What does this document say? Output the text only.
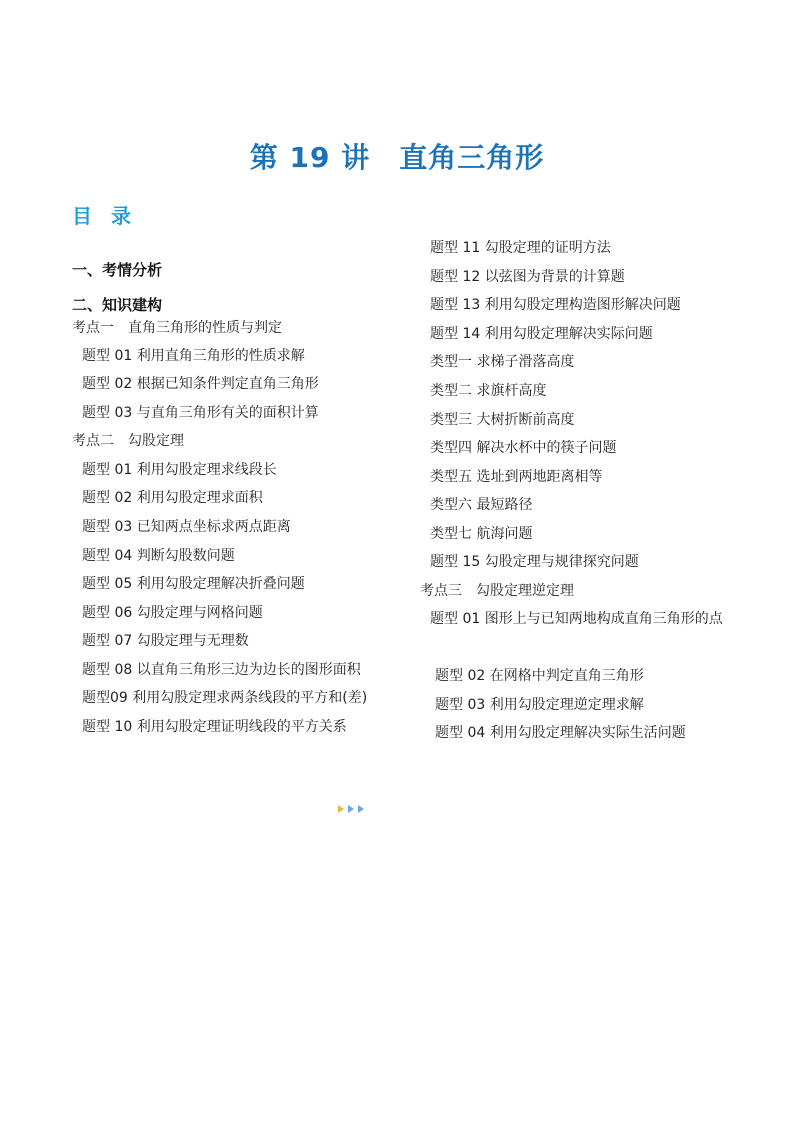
第 19 讲　直角三角形
目 录
一、考情分析
二、知识建构
考点一　直角三角形的性质与判定
题型 01 利用直角三角形的性质求解
题型 02 根据已知条件判定直角三角形
题型 03 与直角三角形有关的面积计算
考点二　勾股定理
题型 01 利用勾股定理求线段长
题型 02 利用勾股定理求面积
题型 03 已知两点坐标求两点距离
题型 04 判断勾股数问题
题型 05 利用勾股定理解决折叠问题
题型 06 勾股定理与网格问题
题型 07 勾股定理与无理数
题型 08 以直角三角形三边为边长的图形面积
题型09 利用勾股定理求两条线段的平方和(差)
题型 10 利用勾股定理证明线段的平方关系
题型 11 勾股定理的证明方法
题型 12 以弦图为背景的计算题
题型 13 利用勾股定理构造图形解决问题
题型 14 利用勾股定理解决实际问题
类型一 求梯子滑落高度
类型二 求旗杆高度
类型三 大树折断前高度
类型四 解决水杯中的筷子问题
类型五 选址到两地距离相等
类型六 最短路径
类型七 航海问题
题型 15 勾股定理与规律探究问题
考点三　勾股定理逆定理
题型 01 图形上与已知两地构成直角三角形的点
题型 02 在网格中判定直角三角形
题型 03 利用勾股定理逆定理求解
题型 04 利用勾股定理解决实际生活问题
